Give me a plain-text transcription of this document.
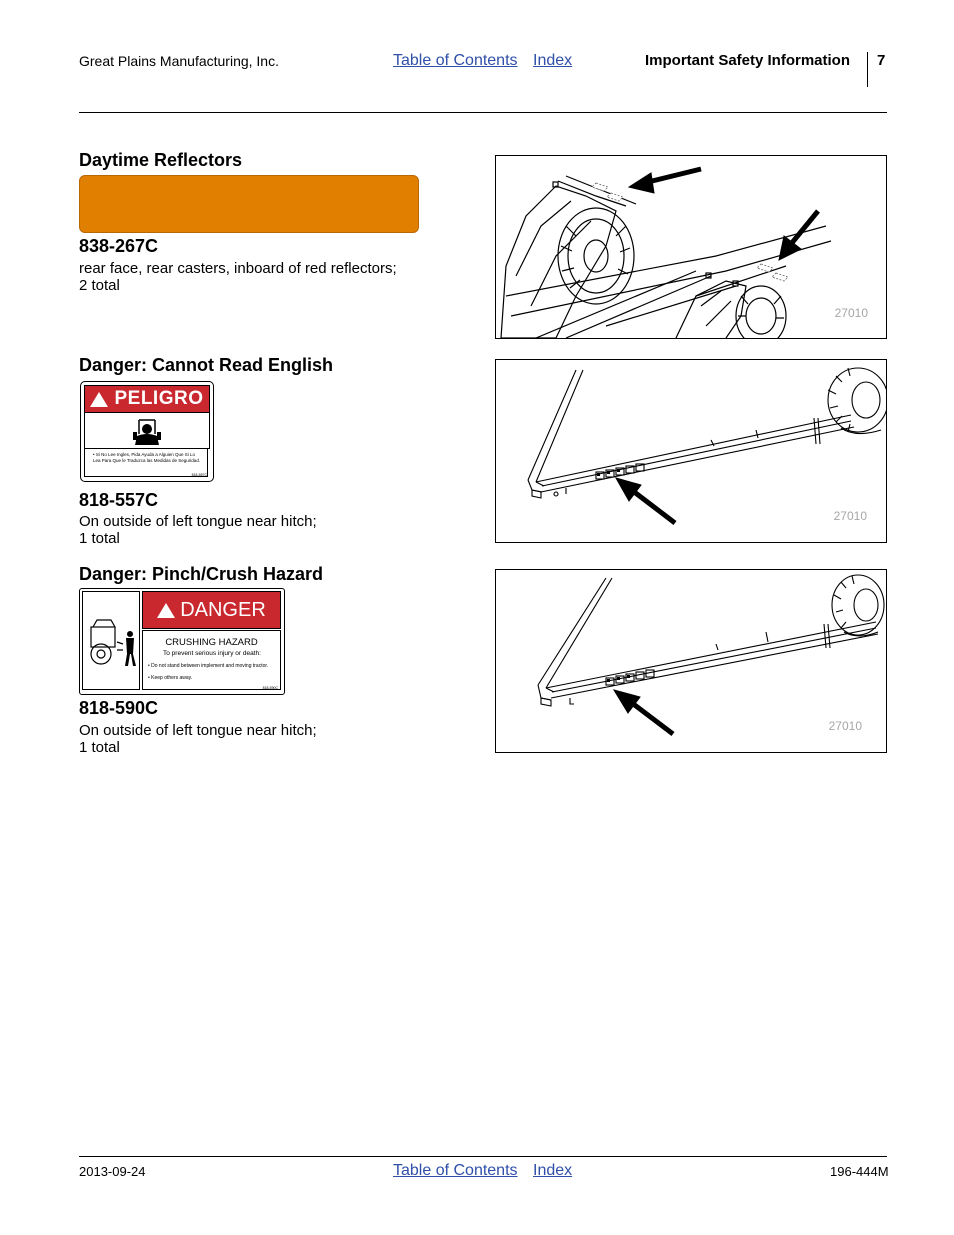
Great Plains Manufacturing, Inc.	Table of Contents Index	Important Safety Information 7
Daytime Reflectors
838-267C
rear face, rear casters, inboard of red reflectors;
2 total
27010
Danger: Cannot Read English
PELIGRO
• Si No Lee Ingles, Pida Ayuda a Alguien Que Si Lo Lea Para Que le Traduzca las Medidas de Seguridad.
818-557C
818-557C
On outside of left tongue near hitch;
1 total
27010
Danger: Pinch/Crush Hazard
DANGER
CRUSHING HAZARD
To prevent serious injury or death:
• Do not stand between implement and moving tractor.
• Keep others away.
818-590C
818-590C
On outside of left tongue near hitch;
1 total
27010
2013-09-24	Table of Contents Index	196-444M
